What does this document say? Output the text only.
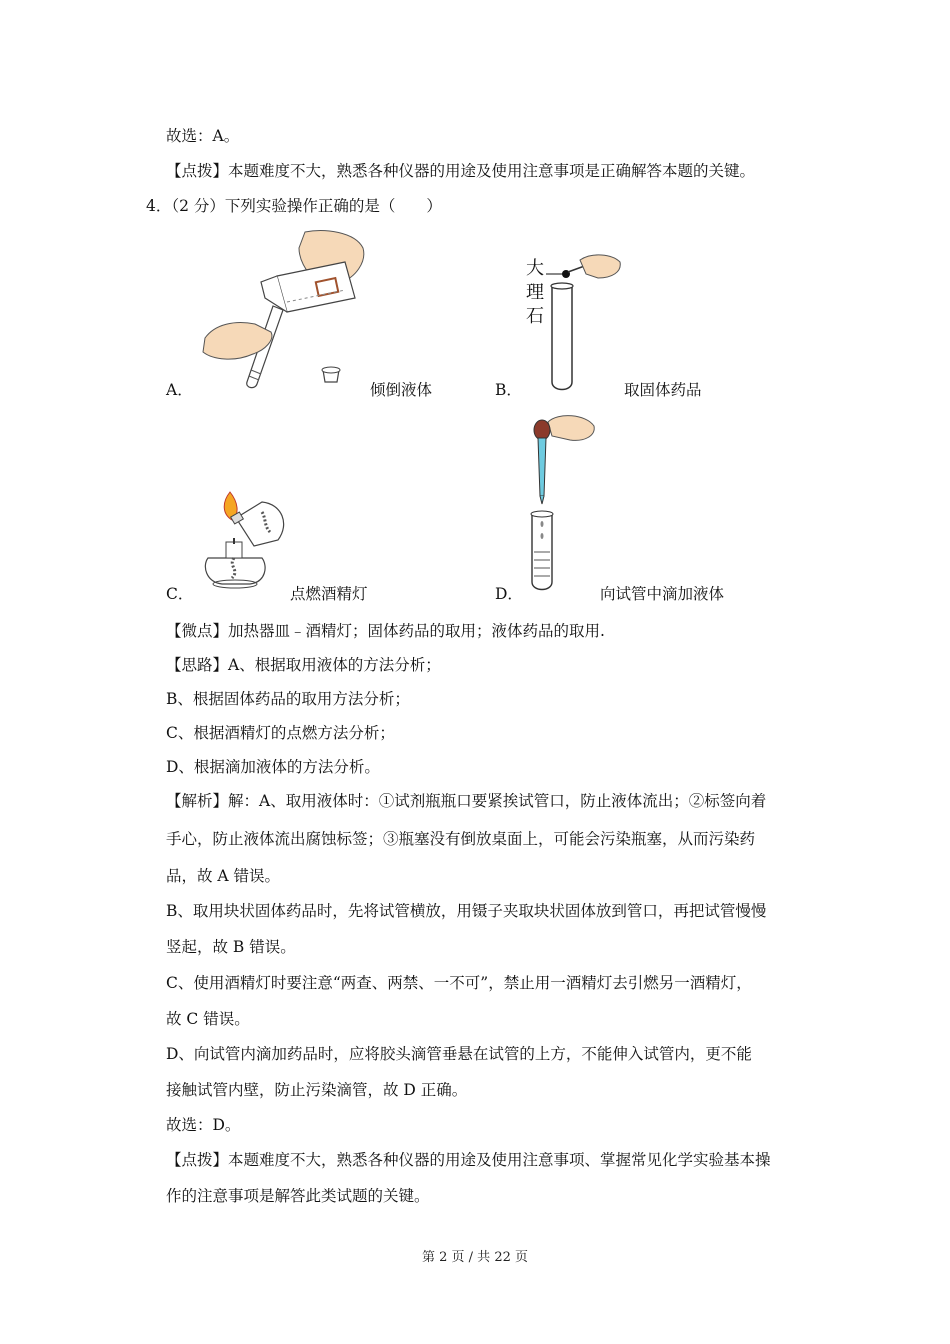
故选：A。
【点拨】本题难度不大，熟悉各种仪器的用途及使用注意事项是正确解答本题的关键。
4．（2 分）下列实验操作正确的是（　　）
A．	倾倒液体
大
理
石
B．	取固体药品
C．	点燃酒精灯	D．	向试管中滴加液体
【微点】加热器皿﹣酒精灯；固体药品的取用；液体药品的取用.
【思路】A、根据取用液体的方法分析；
B、根据固体药品的取用方法分析；
C、根据酒精灯的点燃方法分析；
D、根据滴加液体的方法分析。
【解析】解：A、取用液体时：①试剂瓶瓶口要紧挨试管口，防止液体流出；②标签向着
手心，防止液体流出腐蚀标签；③瓶塞没有倒放桌面上，可能会污染瓶塞，从而污染药
品，故 A 错误。
B、取用块状固体药品时，先将试管横放，用镊子夹取块状固体放到管口，再把试管慢慢
竖起，故 B 错误。
C、使用酒精灯时要注意“两查、两禁、一不可”，禁止用一酒精灯去引燃另一酒精灯，
故 C 错误。
D、向试管内滴加药品时，应将胶头滴管垂悬在试管的上方，不能伸入试管内，更不能
接触试管内壁，防止污染滴管，故 D 正确。
故选：D。
【点拨】本题难度不大，熟悉各种仪器的用途及使用注意事项、掌握常见化学实验基本操
作的注意事项是解答此类试题的关键。
第 2 页 / 共 22 页
